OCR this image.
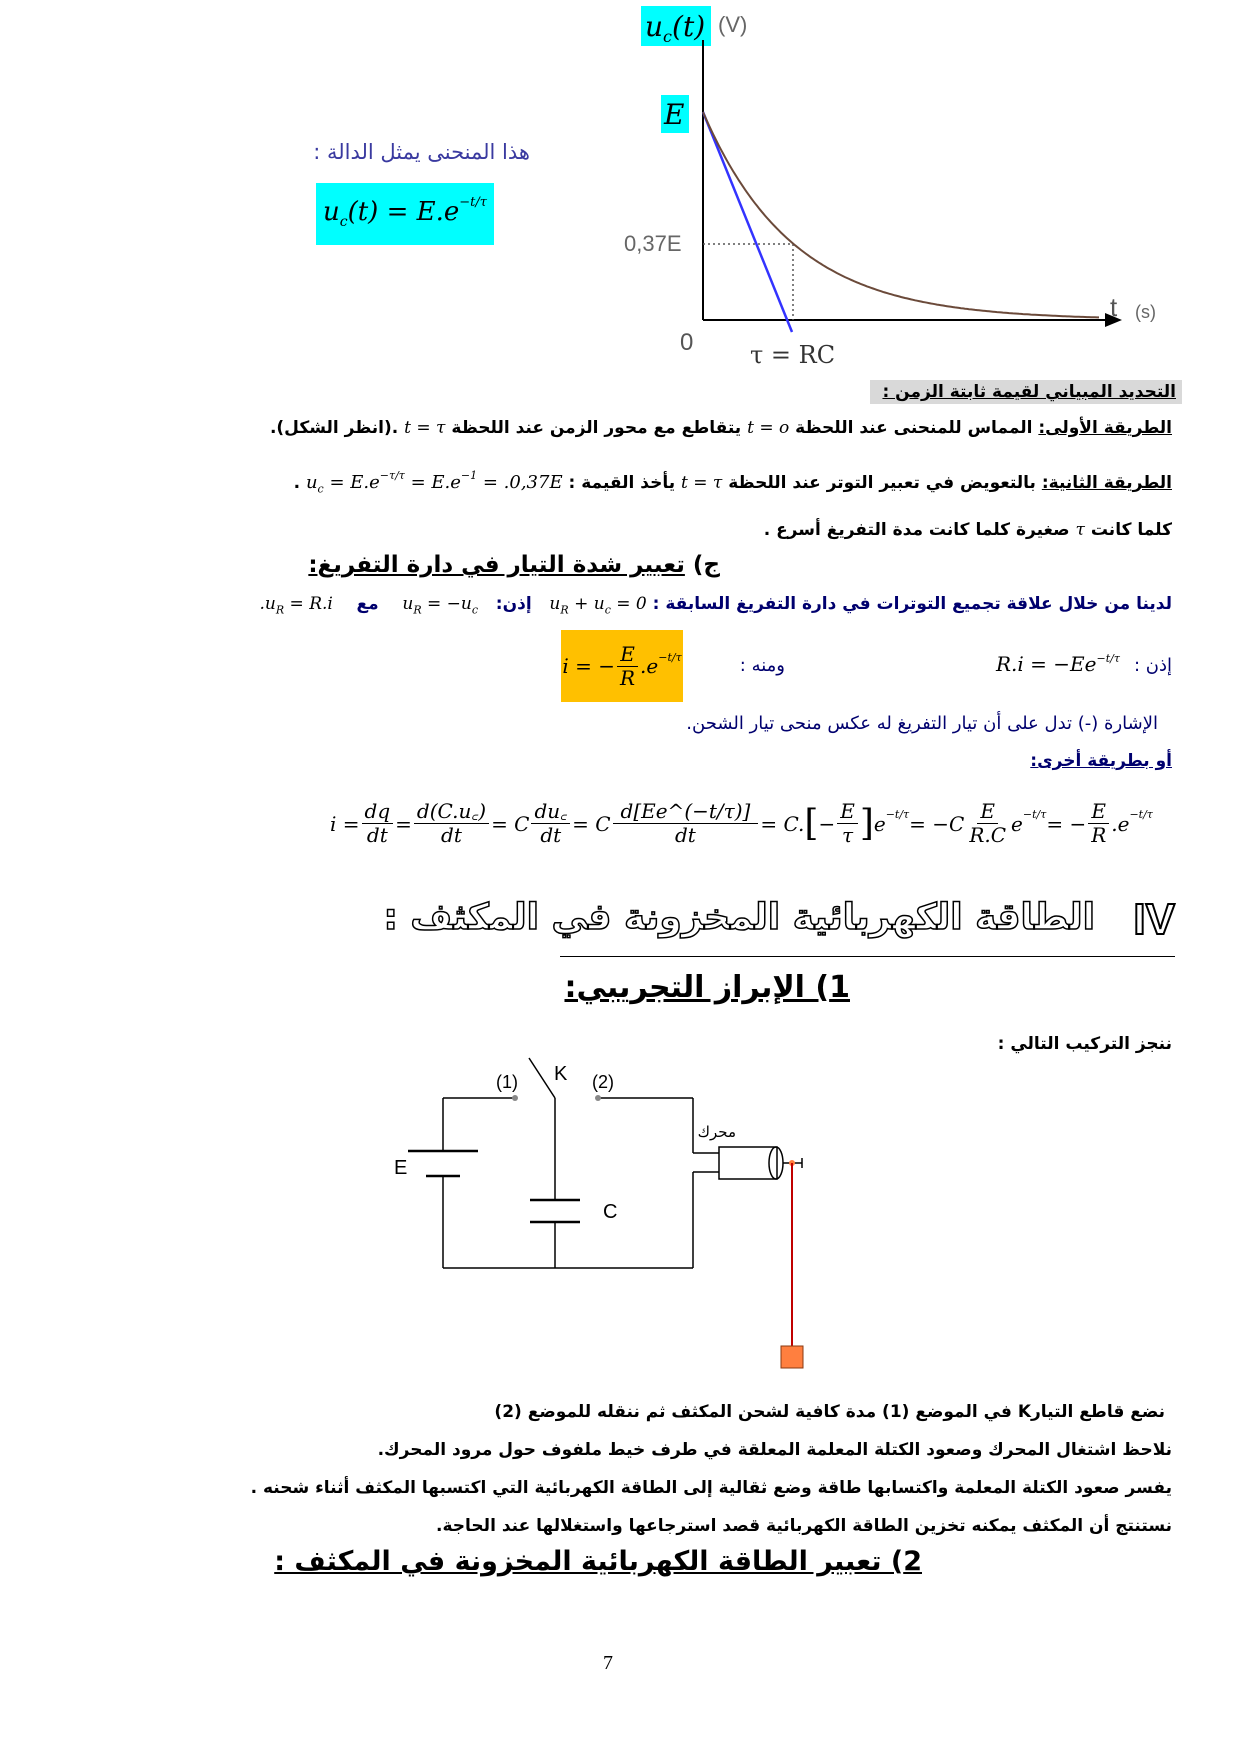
$u_c(t)$ (V)
E
0,37E
0
t (s)
τ = RC
هذا المنحنى يمثل الدالة :
$u_c(t) = E.e^{-t/\tau}$
التحديد المبياني لقيمة ثابتة الزمن :
الطريقة الأولى: المماس للمنحنى عند اللحظة t = o يتقاطع مع محور الزمن عند اللحظة t = τ .(انظر الشكل).
الطريقة الثانية: بالتعويض في تعبير التوتر عند اللحظة t = τ يأخذ القيمة : $u_c = E.e^{-\tau/\tau} = E.e^{-1} = .0,37E$ .
كلما كانت τ صغيرة كلما كانت مدة التفريغ أسرع .
ج) تعبير شدة التيار في دارة التفريغ:
لدينا من خلال علاقة تجميع التوترات في دارة التفريغ السابقة : $u_R + u_c = 0$   إذن:   $u_R = -u_c$    مع    $.u_R = R.i$
إذن :
$R.i = -Ee^{-t/\tau}$
ومنه :
i = − $\frac{E}{R} .e -t/\tau$
الإشارة (-) تدل على أن تيار التفريغ له عكس منحى تيار الشحن.
أو بطريقة أخرى:
$i = \frac{dq}{dt} = \frac{d(C.u꜀)}{dt} = C \frac{du꜀}{dt} = C \frac{d[Ee\^{}(-t/\tau)]}{dt} = C$. [ − $\frac{E}{\tau}$ ] $e -t/\tau = -C \frac{E}{R.C}$ e −t/τ = − $\frac{E}{R} .e -t/\tau$
IV
الطاقة الكهربائية المخزونة في المكثف :
1) الإبراز التجريبي:
ننجز التركيب التالي :
(1) K (2)
E
C
محرك
نضع قاطع التيارK في الموضع (1) مدة كافية لشحن المكثف ثم ننقله للموضع (2)
نلاحظ اشتغال المحرك وصعود الكتلة المعلمة المعلقة في طرف خيط ملفوف حول مرود المحرك.
يفسر صعود الكتلة المعلمة واكتسابها طاقة وضع ثقالية إلى الطاقة الكهربائية التي اكتسبها المكثف أثناء شحنه .
نستنتج أن المكثف يمكنه تخزين الطاقة الكهربائية قصد استرجاعها واستغلالها عند الحاجة.
2) تعبير الطاقة الكهربائية المخزونة في المكثف :
7
